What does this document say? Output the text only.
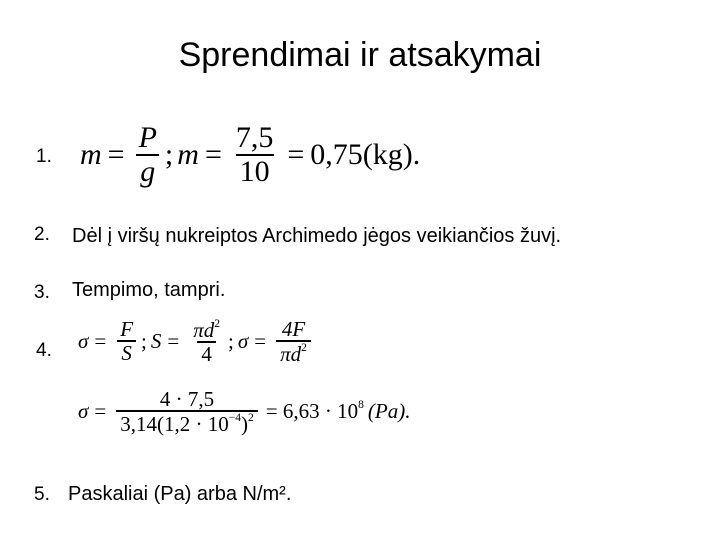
Sprendimai ir atsakymai
1. $m = \frac{P}{g}$ ; $m = \frac{7,5}{10} = 0,75(kg)$.
2. Dėl į viršų nukreiptos Archimedo jėgos veikiančios žuvį.
3. Tempimo, tampri.
4. $\sigma = \frac{F}{S}$ ; $S = \frac{\pi d^2}{4}$ ; $\sigma = \frac{4F}{\pi d^2}$
$\sigma = \frac{4 \cdot 7,5}{3,14(1,2 \cdot 10^{-4})^2} = 6,63 \cdot 10^8$ (Pa).
5. Paskaliai (Pa) arba N/m².
